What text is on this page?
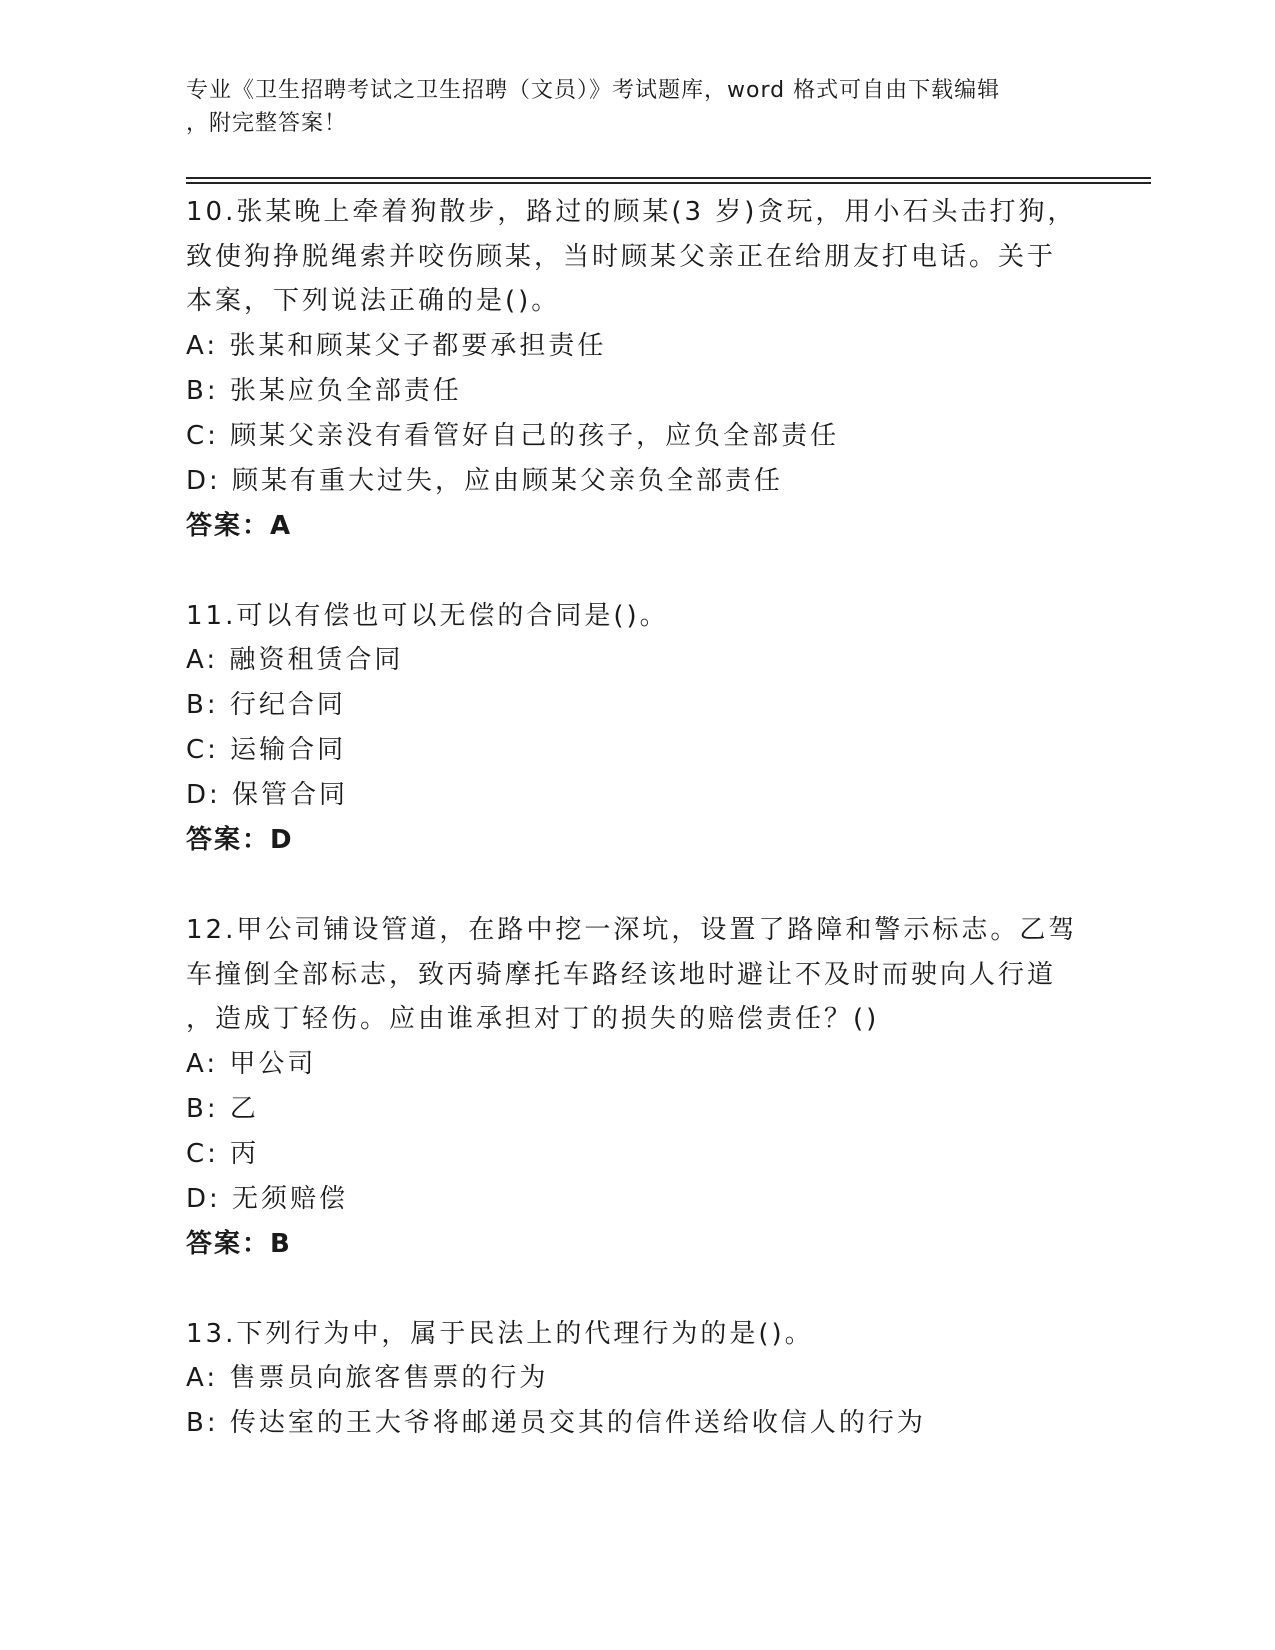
专业《卫生招聘考试之卫生招聘（文员）》考试题库，word 格式可自由下载编辑
，附完整答案！

10.张某晚上牵着狗散步，路过的顾某(3 岁)贪玩，用小石头击打狗，
致使狗挣脱绳索并咬伤顾某，当时顾某父亲正在给朋友打电话。关于
本案，下列说法正确的是()。

A: 张某和顾某父子都要承担责任

B: 张某应负全部责任

C: 顾某父亲没有看管好自己的孩子，应负全部责任

D: 顾某有重大过失，应由顾某父亲负全部责任

答案：A

11.可以有偿也可以无偿的合同是()。

A: 融资租赁合同

B: 行纪合同

C: 运输合同

D: 保管合同

答案：D

12.甲公司铺设管道，在路中挖一深坑，设置了路障和警示标志。乙驾
车撞倒全部标志，致丙骑摩托车路经该地时避让不及时而驶向人行道
，造成丁轻伤。应由谁承担对丁的损失的赔偿责任？()

A: 甲公司

B: 乙

C: 丙

D: 无须赔偿

答案：B

13.下列行为中，属于民法上的代理行为的是()。

A: 售票员向旅客售票的行为

B: 传达室的王大爷将邮递员交其的信件送给收信人的行为
